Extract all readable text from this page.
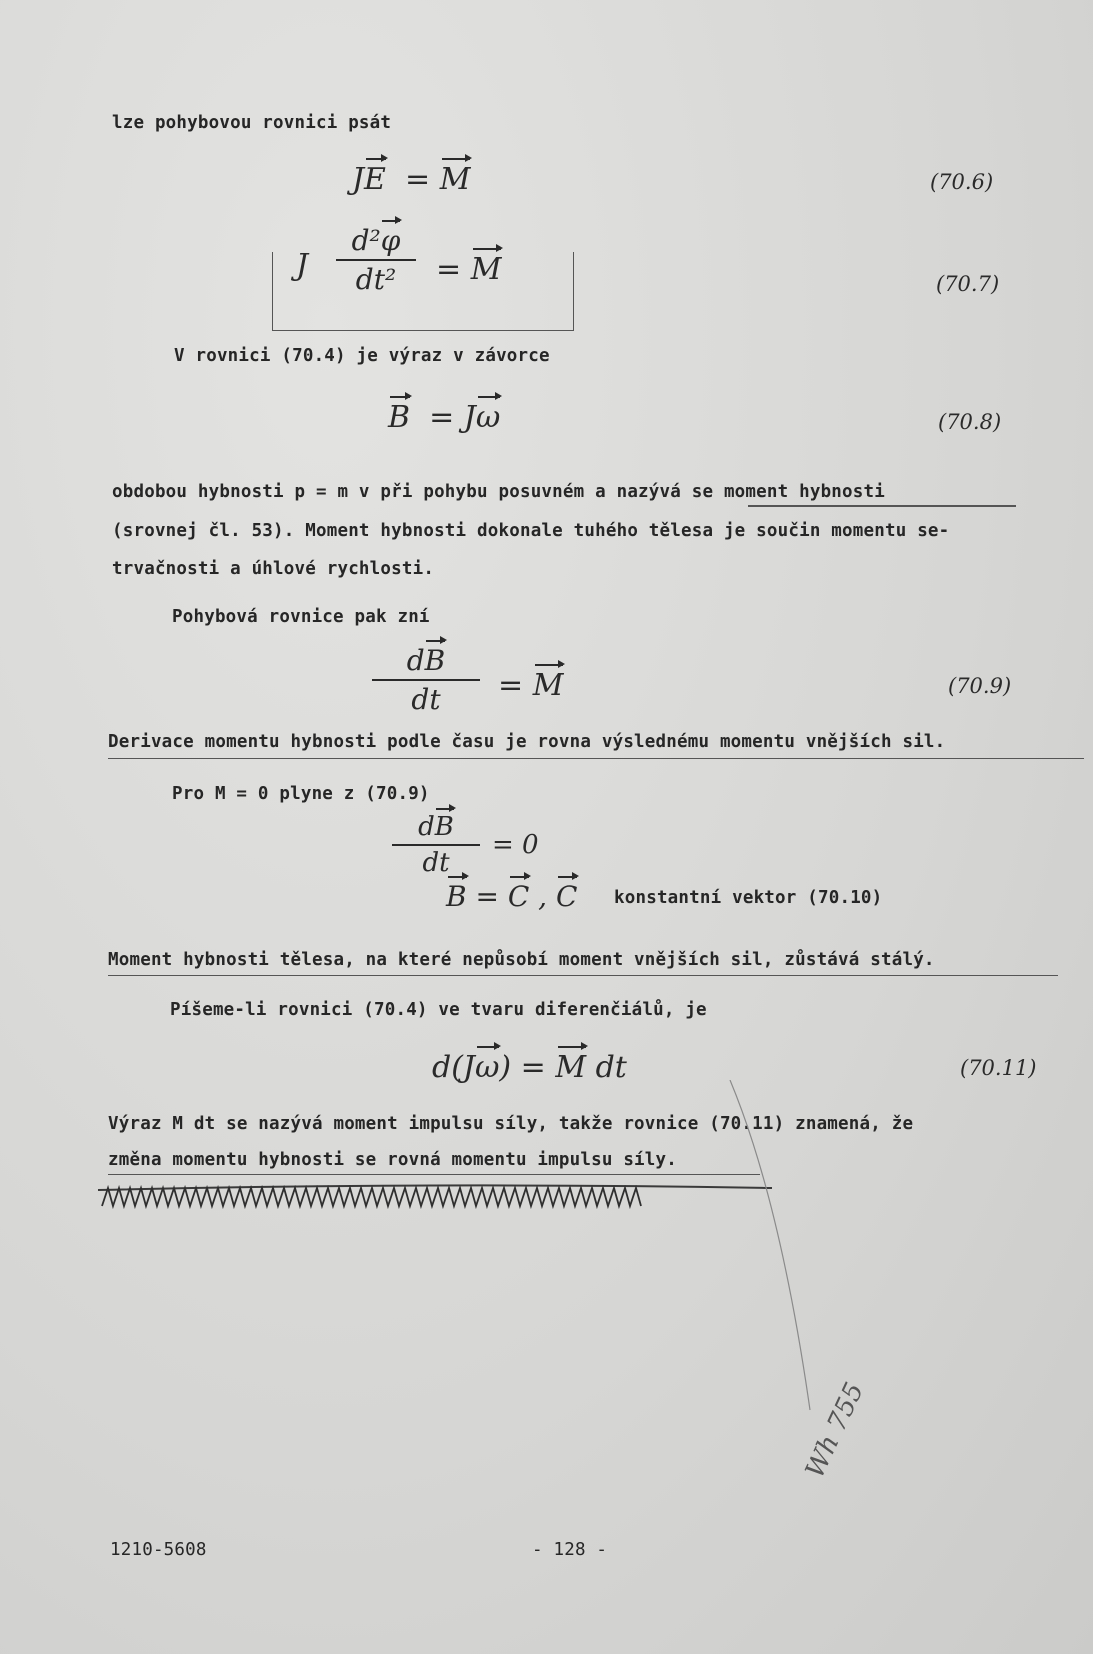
lze pohybovou rovnici psát
JE  = M	(70.6)
J
d²φ
dt²	= M	(70.7)
V rovnici (70.4) je výraz v závorce
B  = Jω	(70.8)
obdobou hybnosti p = m v při pohybu posuvném a nazývá se moment hybnosti
(srovnej čl. 53). Moment hybnosti dokonale tuhého tělesa je součin momentu se-
trvačnosti a úhlové rychlosti.
Pohybová rovnice pak zní
dB
dt	= M	(70.9)
Derivace momentu hybnosti podle času je rovna výslednému momentu vnějších sil.
Pro M = 0 plyne z (70.9)
dB
dt
= 0
B = C , C konstantní vektor (70.10)
Moment hybnosti tělesa, na které nepůsobí moment vnějších sil, zůstává stálý.
Píšeme-li rovnici (70.4) ve tvaru diferenčiálů, je
d(Jω) = M dt	(70.11)
Výraz M dt se nazývá moment impulsu síly, takže rovnice (70.11) znamená, že
změna momentu hybnosti se rovná momentu impulsu síly.
Wh 755
1210-5608	- 128 -
